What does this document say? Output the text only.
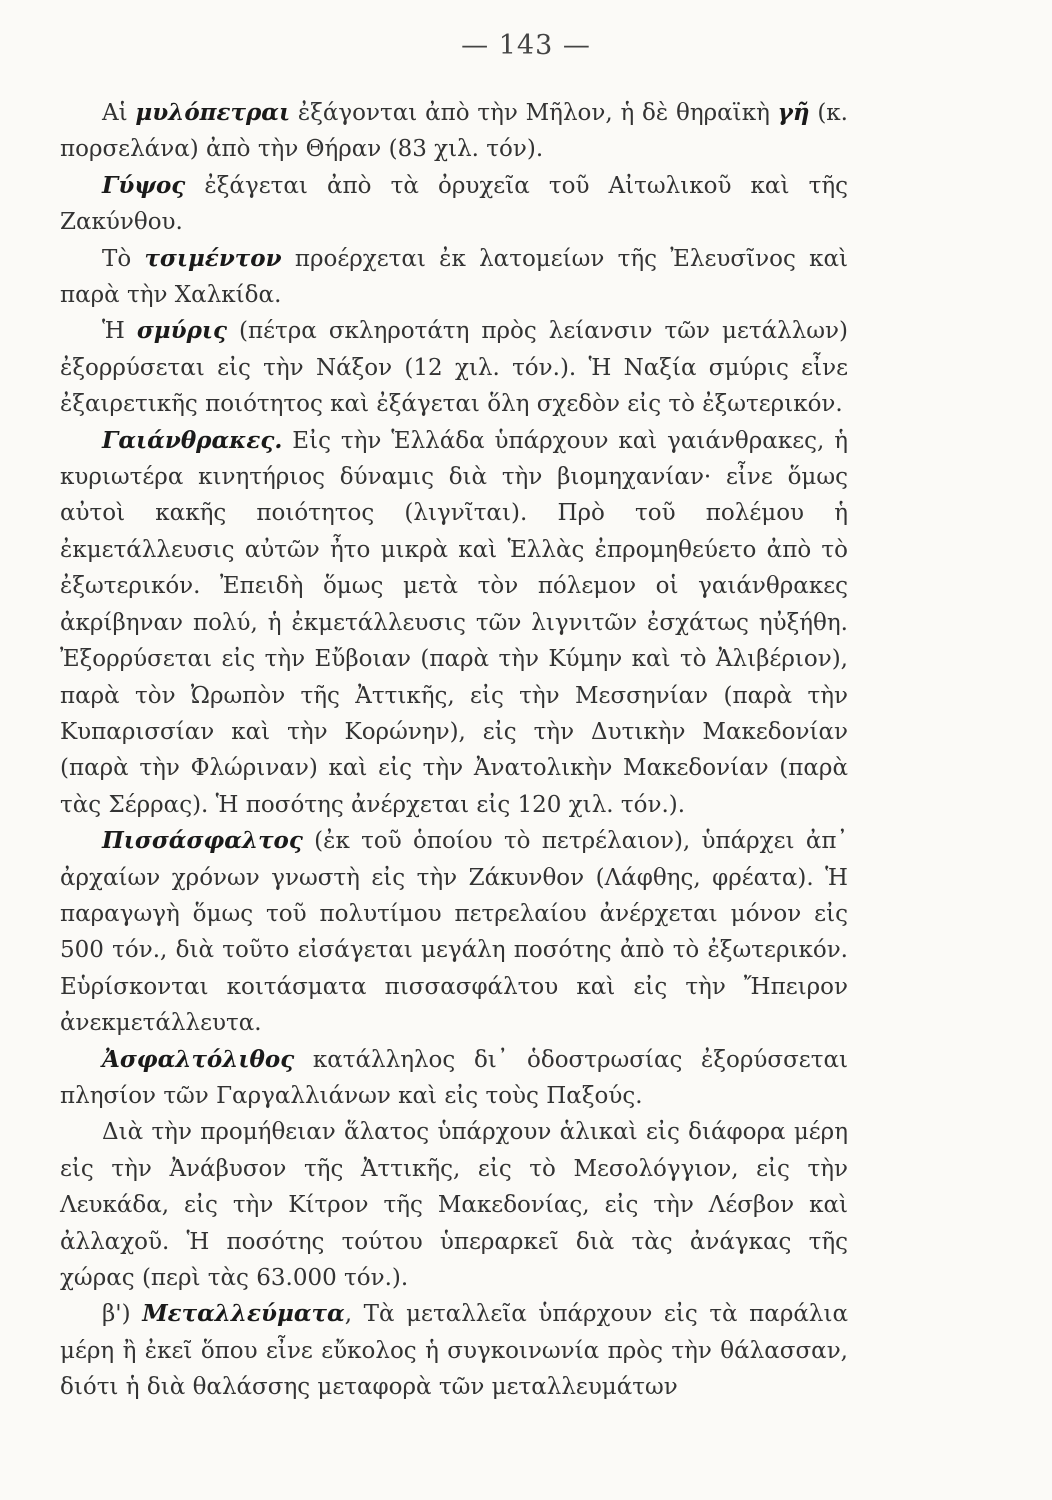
— 143 —

Αἱ μυλόπετραι ἐξάγονται ἀπὸ τὴν Μῆλον, ἡ δὲ θηραϊκὴ γῆ (κ. πορσελάνα) ἀπὸ τὴν Θήραν (83 χιλ. τόν).

Γύψος ἐξάγεται ἀπὸ τὰ ὀρυχεῖα τοῦ Αἰτωλικοῦ καὶ τῆς Ζακύνθου.

Τὸ τσιμέντον προέρχεται ἐκ λατομείων τῆς Ἐλευσῖνος καὶ παρὰ τὴν Χαλκίδα.

Ἡ σμύρις (πέτρα σκληροτάτη πρὸς λείανσιν τῶν μετάλλων) ἐξορρύσεται εἰς τὴν Νάξον (12 χιλ. τόν.). Ἡ Ναξία σμύρις εἶνε ἐξαιρετικῆς ποιότητος καὶ ἐξάγεται ὅλη σχεδὸν εἰς τὸ ἐξωτερικόν.

Γαιάνθρακες. Εἰς τὴν Ἑλλάδα ὑπάρχουν καὶ γαιάνθρακες, ἡ κυριωτέρα κινητήριος δύναμις διὰ τὴν βιομηχανίαν· εἶνε ὅμως αὐτοὶ κακῆς ποιότητος (λιγνῖται). Πρὸ τοῦ πολέμου ἡ ἐκμετάλλευσις αὐτῶν ἦτο μικρὰ καὶ Ἑλλὰς ἐπρομηθεύετο ἀπὸ τὸ ἐξωτερικόν. Ἐπειδὴ ὅμως μετὰ τὸν πόλεμον οἱ γαιάνθρακες ἀκρίβηναν πολύ, ἡ ἐκμετάλλευσις τῶν λιγνιτῶν ἐσχάτως ηὐξήθη. Ἐξορρύσεται εἰς τὴν Εὔβοιαν (παρὰ τὴν Κύμην καὶ τὸ Ἀλιβέριον), παρὰ τὸν Ὠρωπὸν τῆς Ἀττικῆς, εἰς τὴν Μεσσηνίαν (παρὰ τὴν Κυπαρισσίαν καὶ τὴν Κορώνην), εἰς τὴν Δυτικὴν Μακεδονίαν (παρὰ τὴν Φλώριναν) καὶ εἰς τὴν Ἀνατολικὴν Μακεδονίαν (παρὰ τὰς Σέρρας). Ἡ ποσότης ἀνέρχεται εἰς 120 χιλ. τόν.).

Πισσάσφαλτος (ἐκ τοῦ ὁποίου τὸ πετρέλαιον), ὑπάρχει ἀπ᾽ ἀρχαίων χρόνων γνωστὴ εἰς τὴν Ζάκυνθον (Λάφθης, φρέατα). Ἡ παραγωγὴ ὅμως τοῦ πολυτίμου πετρελαίου ἀνέρχεται μόνον εἰς 500 τόν., διὰ τοῦτο εἰσάγεται μεγάλη ποσότης ἀπὸ τὸ ἐξωτερικόν. Εὑρίσκονται κοιτάσματα πισσασφάλτου καὶ εἰς τὴν Ἤπειρον ἀνεκμετάλλευτα.

Ἀσφαλτόλιθος κατάλληλος δι᾽ ὁδοστρωσίας ἐξορύσσεται πλησίον τῶν Γαργαλλιάνων καὶ εἰς τοὺς Παξούς.

Διὰ τὴν προμήθειαν ἅλατος ὑπάρχουν ἁλικαὶ εἰς διάφορα μέρη εἰς τὴν Ἀνάβυσον τῆς Ἀττικῆς, εἰς τὸ Μεσολόγγιον, εἰς τὴν Λευκάδα, εἰς τὴν Κίτρον τῆς Μακεδονίας, εἰς τὴν Λέσβον καὶ ἀλλαχοῦ. Ἡ ποσότης τούτου ὑπεραρκεῖ διὰ τὰς ἀνάγκας τῆς χώρας (περὶ τὰς 63.000 τόν.).

β') Μεταλλεύματα, Τὰ μεταλλεῖα ὑπάρχουν εἰς τὰ παράλια μέρη ἢ ἐκεῖ ὅπου εἶνε εὔκολος ἡ συγκοινωνία πρὸς τὴν θάλασσαν, διότι ἡ διὰ θαλάσσης μεταφορὰ τῶν μεταλλευμάτων
